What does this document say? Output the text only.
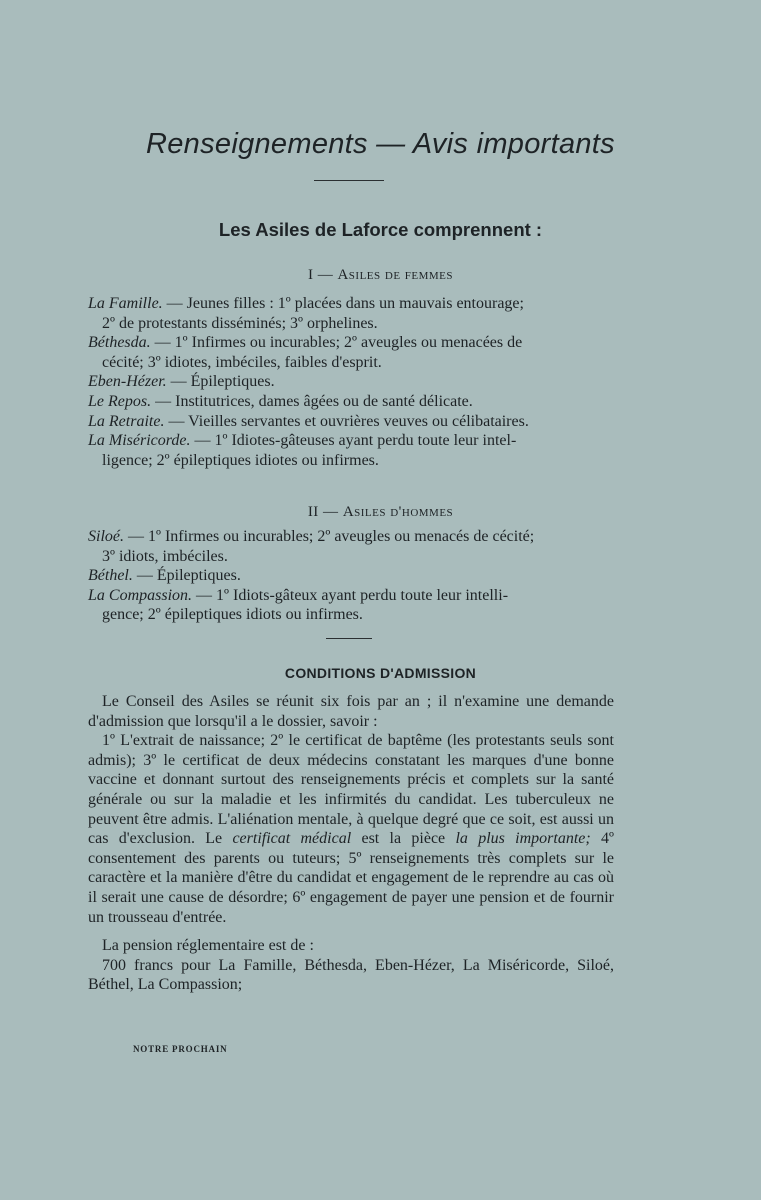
Renseignements — Avis importants
Les Asiles de Laforce comprennent :
I — Asiles de femmes

La Famille. — Jeunes filles : 1º placées dans un mauvais entourage;
2º de protestants disséminés; 3º orphelines.

Béthesda. — 1º Infirmes ou incurables; 2º aveugles ou menacées de
cécité; 3º idiotes, imbéciles, faibles d'esprit.

Eben-Hézer. — Épileptiques.

Le Repos. — Institutrices, dames âgées ou de santé délicate.

La Retraite. — Vieilles servantes et ouvrières veuves ou célibataires.

La Miséricorde. — 1º Idiotes-gâteuses ayant perdu toute leur intel-
ligence; 2º épileptiques idiotes ou infirmes.

II — Asiles d'hommes

Siloé. — 1º Infirmes ou incurables; 2º aveugles ou menacés de cécité;
3º idiots, imbéciles.

Béthel. — Épileptiques.

La Compassion. — 1º Idiots-gâteux ayant perdu toute leur intelli-
gence; 2º épileptiques idiots ou infirmes.

CONDITIONS D'ADMISSION

Le Conseil des Asiles se réunit six fois par an ; il n'examine une demande d'admission que lorsqu'il a le dossier, savoir :

1º L'extrait de naissance; 2º le certificat de baptême (les protestants seuls sont admis); 3º le certificat de deux médecins constatant les marques d'une bonne vaccine et donnant surtout des renseignements précis et complets sur la santé générale ou sur la maladie et les infirmités du candidat. Les tuberculeux ne peuvent être admis. L'aliénation mentale, à quelque degré que ce soit, est aussi un cas d'exclusion. Le certificat médical est la pièce la plus importante; 4º consentement des parents ou tuteurs; 5º renseignements très complets sur le caractère et la manière d'être du candidat et engagement de le reprendre au cas où il serait une cause de désordre; 6º engagement de payer une pension et de fournir un trousseau d'entrée.

La pension réglementaire est de :

700 francs pour La Famille, Béthesda, Eben-Hézer, La Miséricorde, Siloé, Béthel, La Compassion;

NOTRE PROCHAIN
